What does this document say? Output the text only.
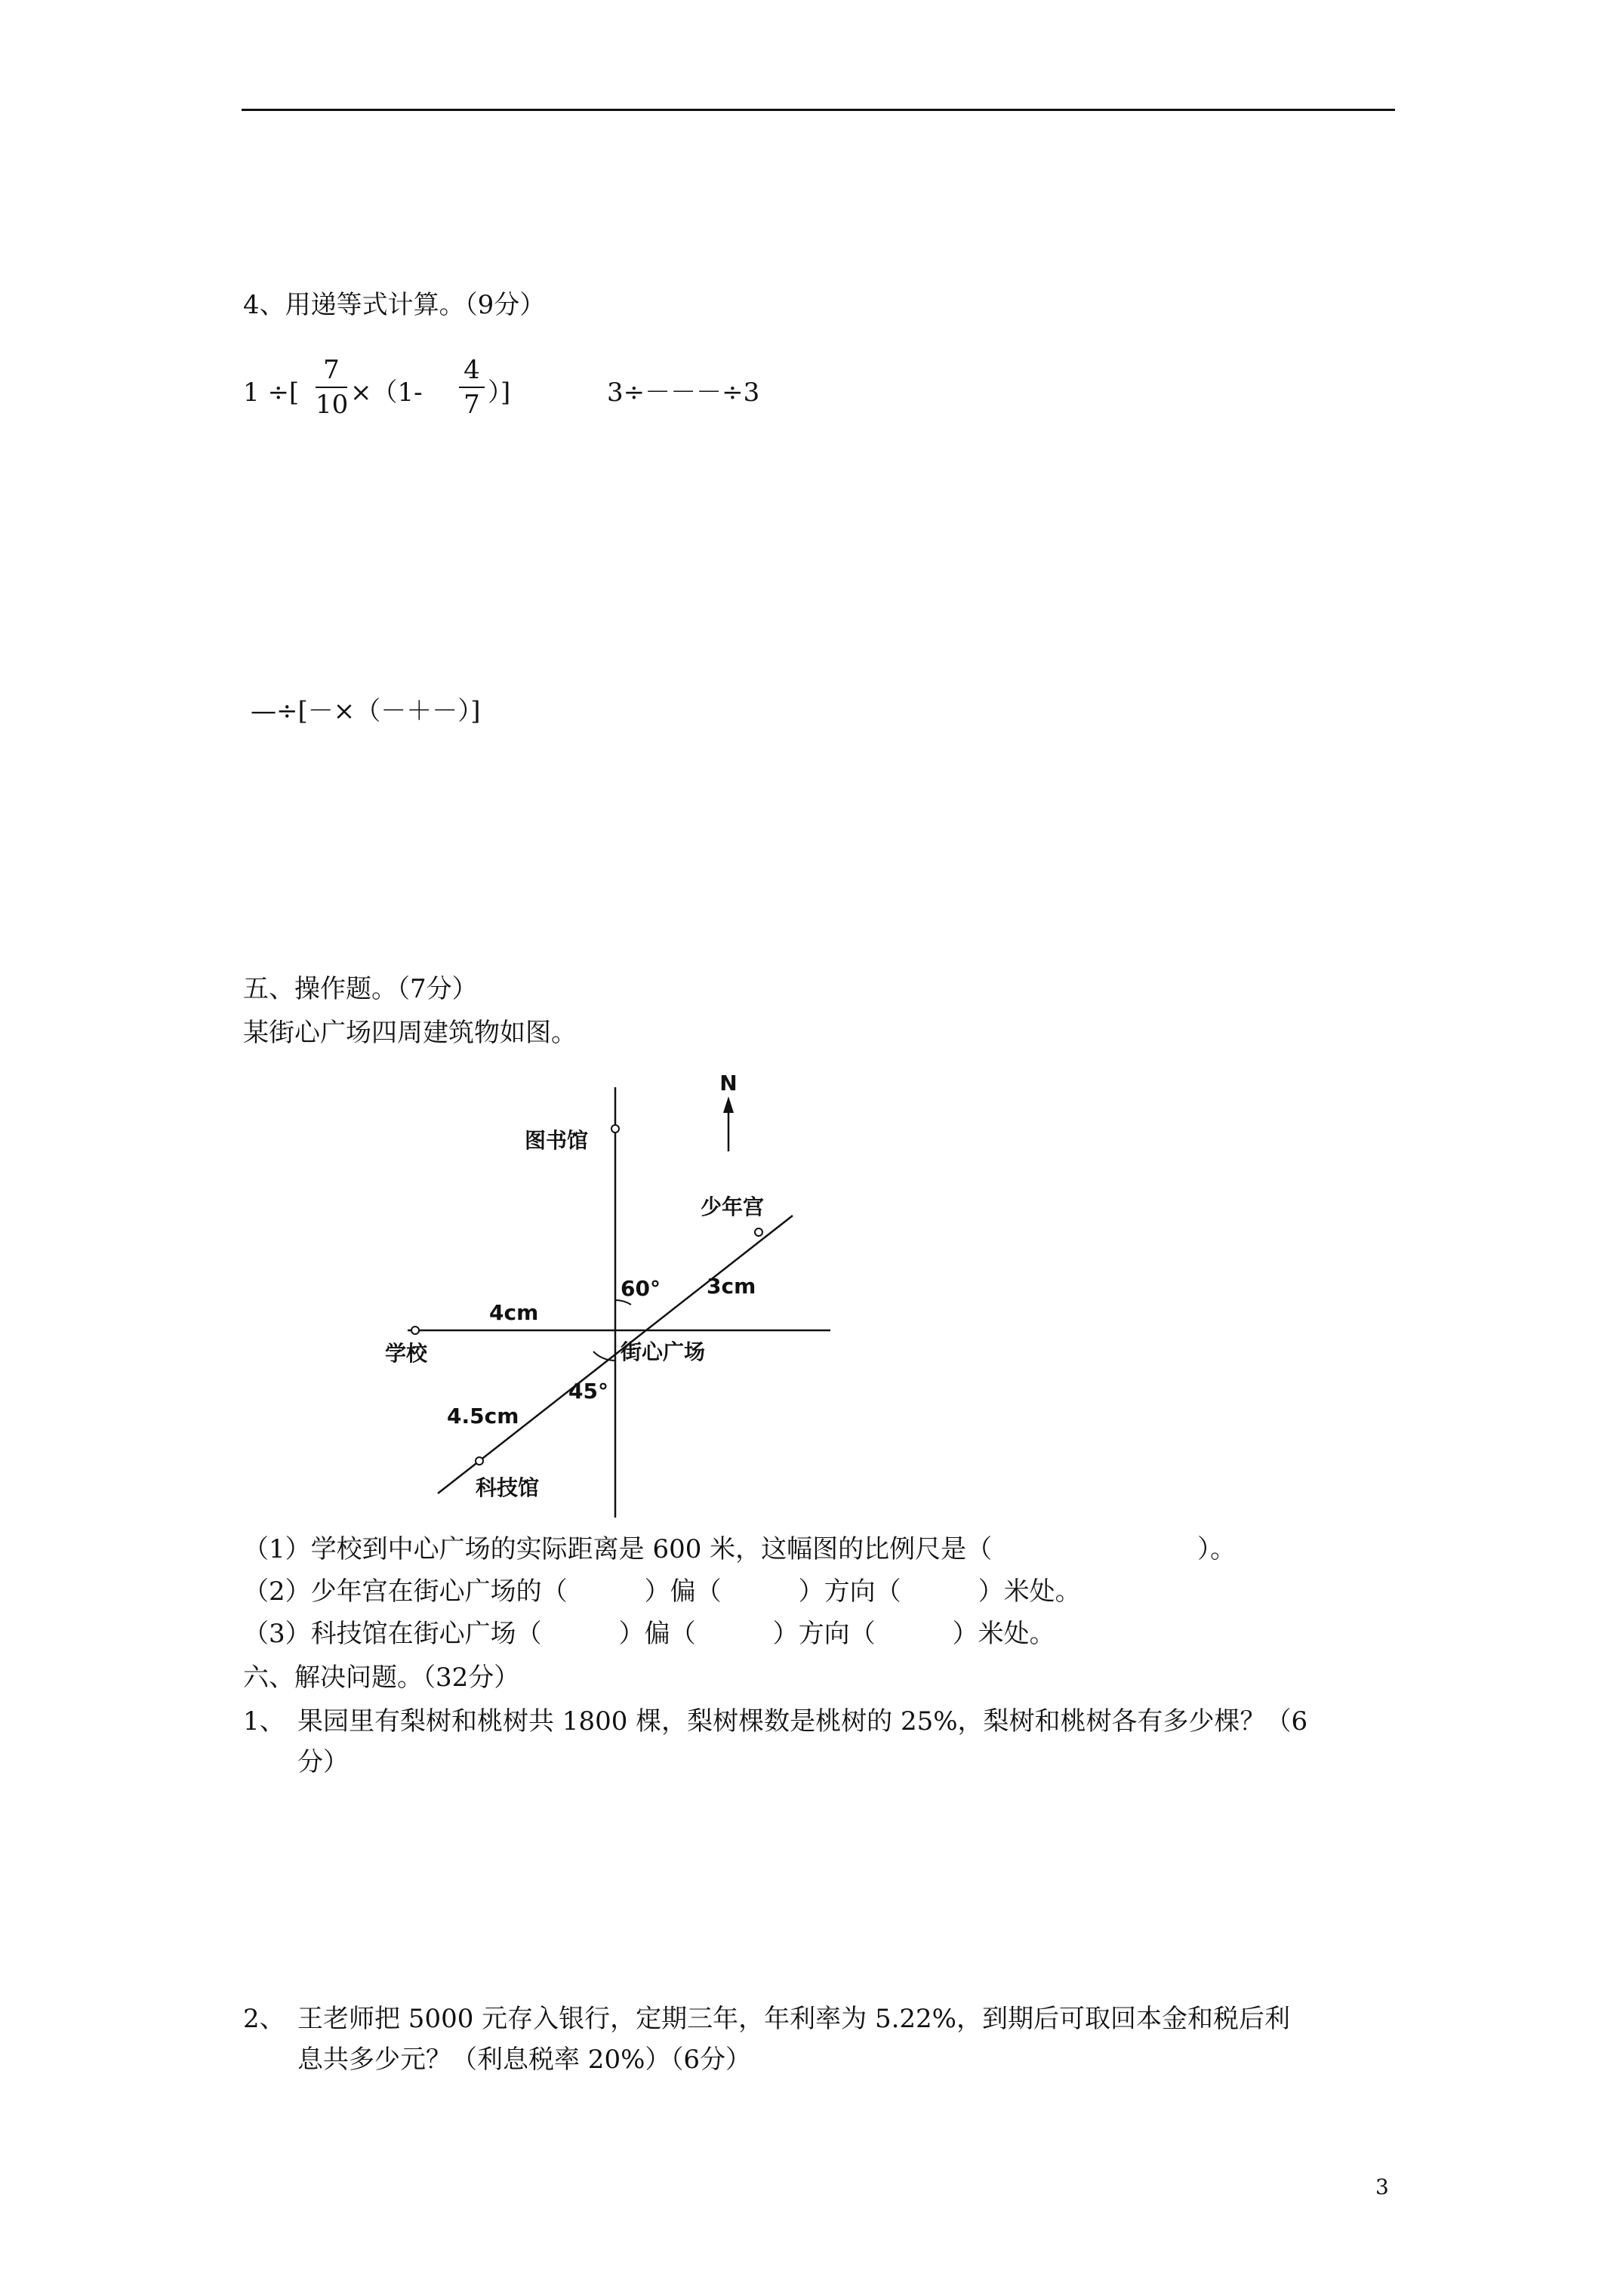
4、用递等式计算。（9分）
1 ÷[
7
10 ×（1-
4
7 ）]	3÷－－－÷3
—÷[－×（－＋－）]
五、操作题。（7分）
某街心广场四周建筑物如图。
N
图书馆
少年宫
60° 3cm
4cm
学校	街心广场
45°
4.5cm
科技馆
（1）学校到中心广场的实际距离是 600 米，这幅图的比例尺是（　　　　　　　　）。
（2）少年宫在街心广场的（　　　）偏（　　　）方向（　　　）米处。
（3）科技馆在街心广场（　　　）偏（　　　）方向（　　　）米处。
六、解决问题。（32分）
1、 果园里有梨树和桃树共 1800 棵，梨树棵数是桃树的 25%，梨树和桃树各有多少棵？（6
分）
2、 王老师把 5000 元存入银行，定期三年，年利率为 5.22%，到期后可取回本金和税后利
息共多少元？（利息税率 20%）（6分）
3
